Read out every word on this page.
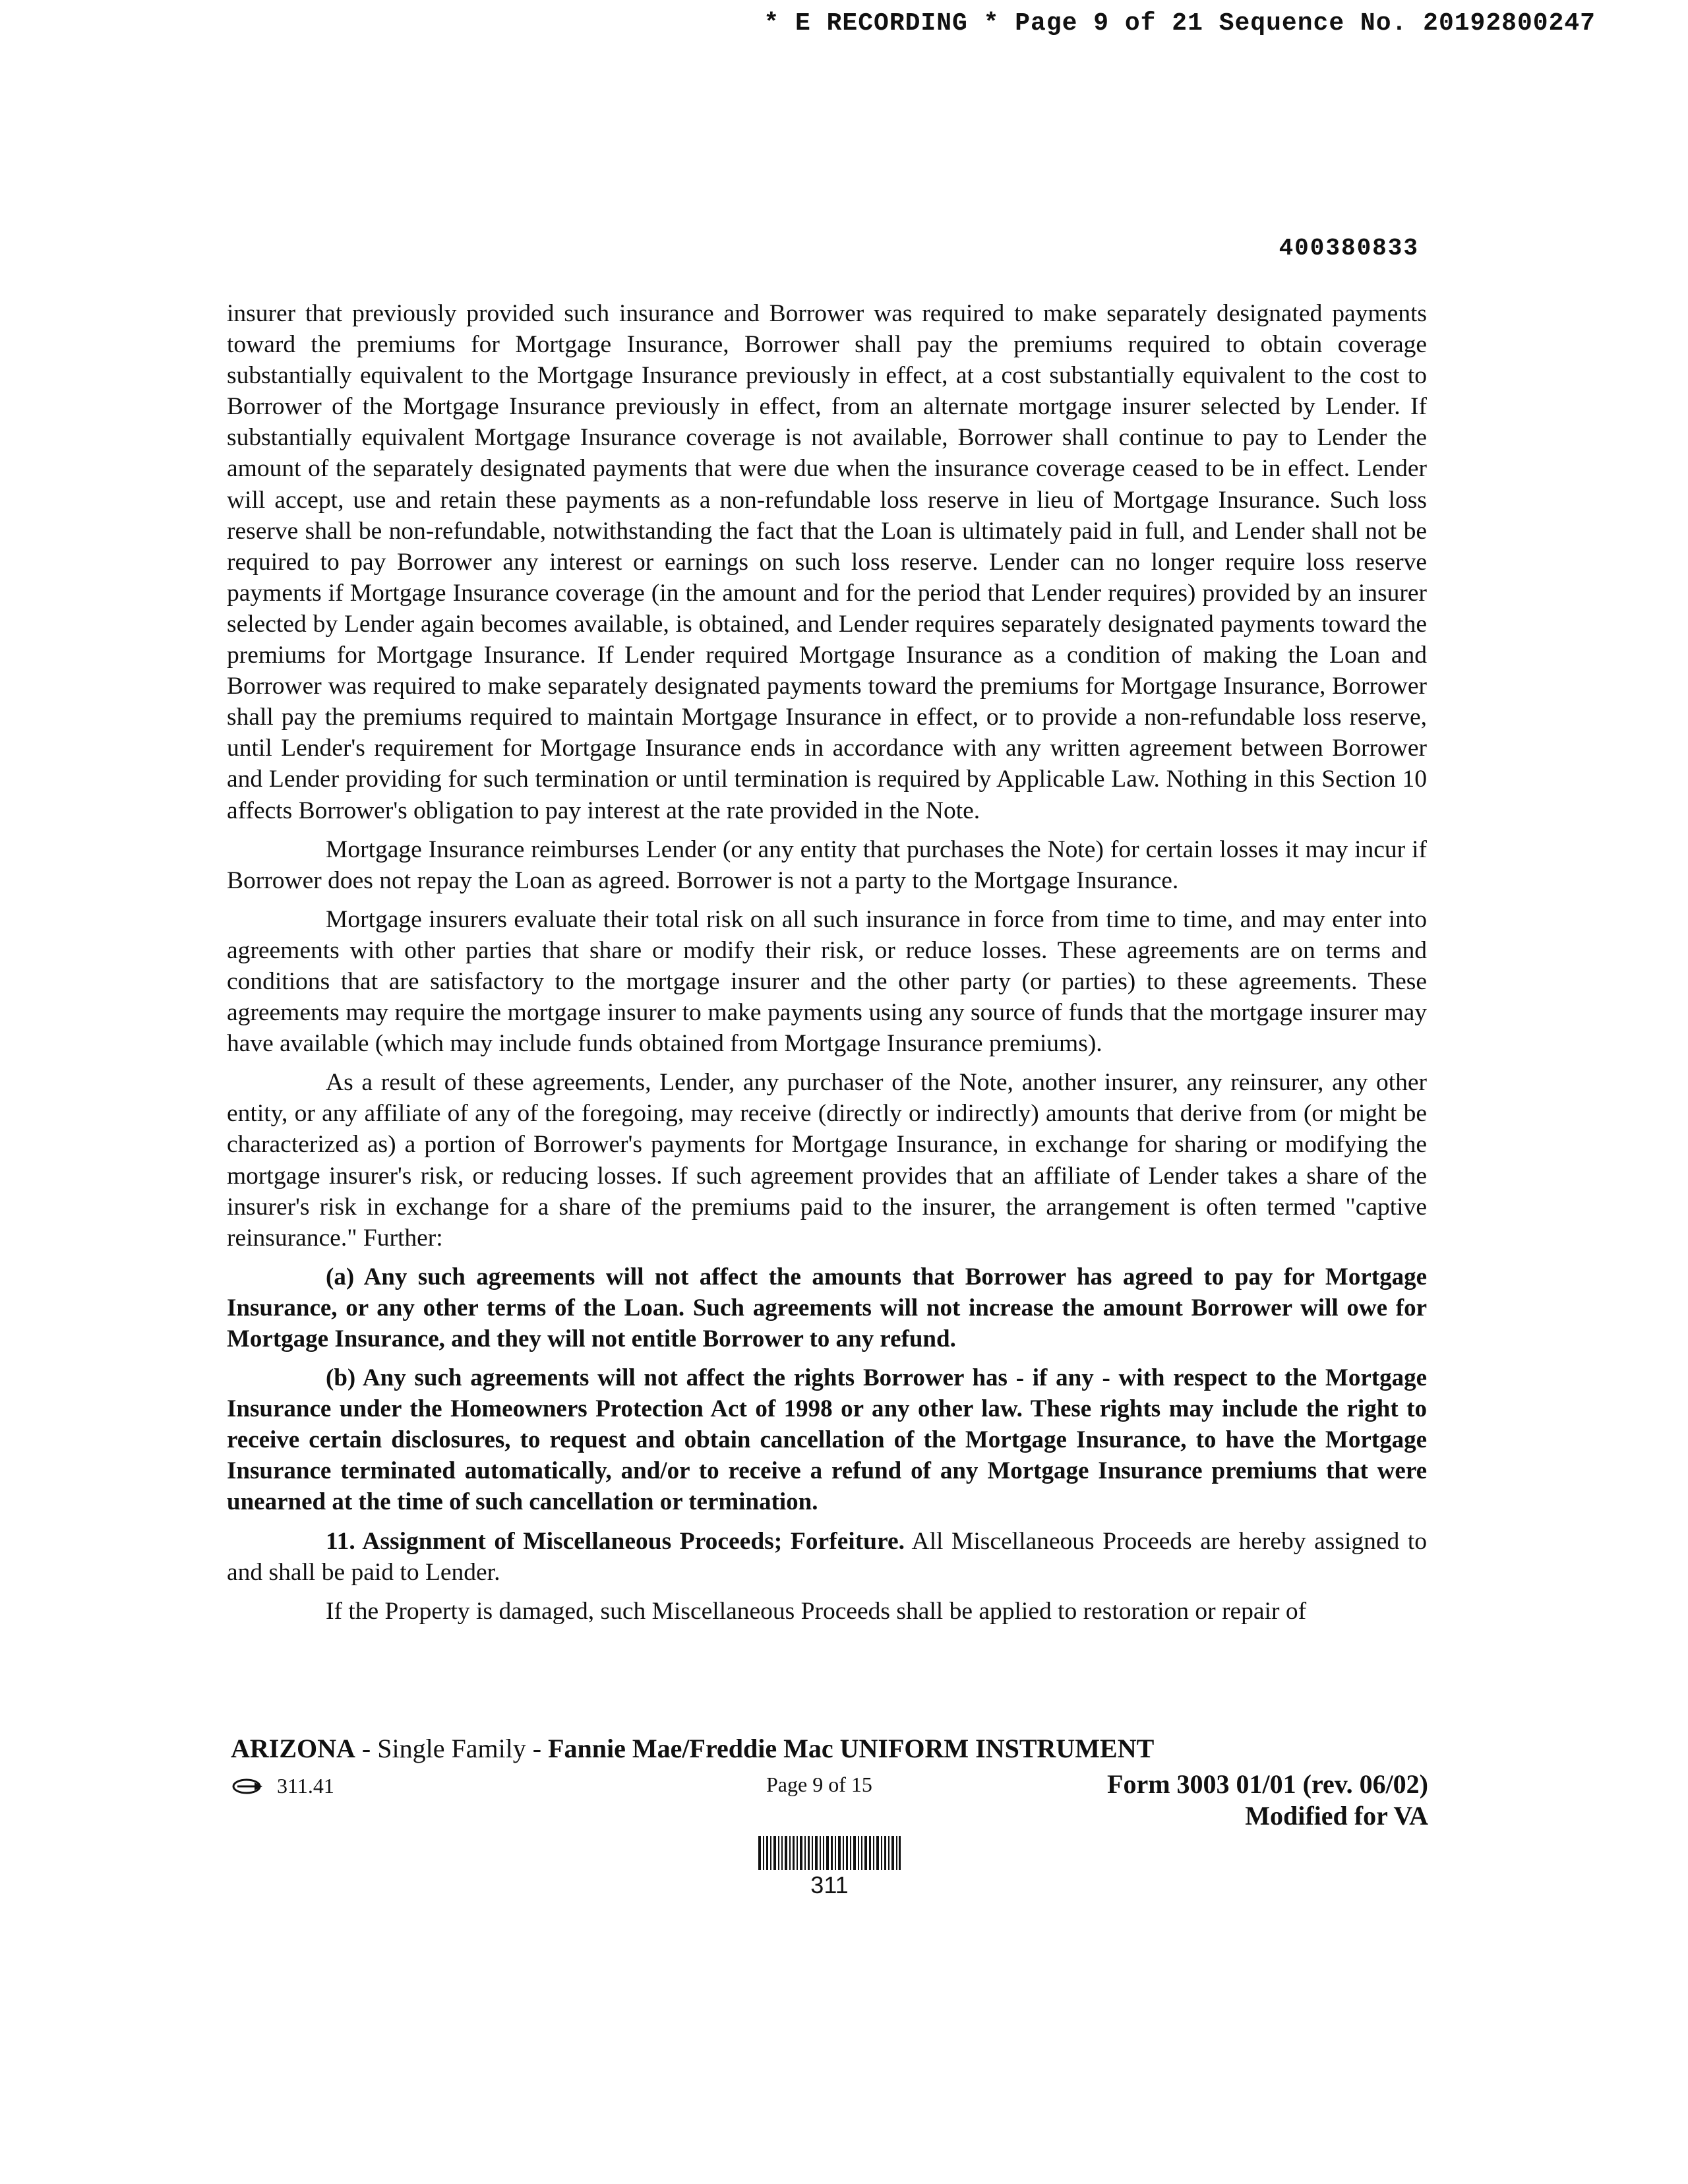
* E RECORDING * Page 9 of 21 Sequence No. 20192800247
400380833

insurer that previously provided such insurance and Borrower was required to make separately designated payments toward the premiums for Mortgage Insurance, Borrower shall pay the premiums required to obtain coverage substantially equivalent to the Mortgage Insurance previously in effect, at a cost substantially equivalent to the cost to Borrower of the Mortgage Insurance previously in effect, from an alternate mortgage insurer selected by Lender. If substantially equivalent Mortgage Insurance coverage is not available, Borrower shall continue to pay to Lender the amount of the separately designated payments that were due when the insurance coverage ceased to be in effect. Lender will accept, use and retain these payments as a non-refundable loss reserve in lieu of Mortgage Insurance. Such loss reserve shall be non-refundable, notwithstanding the fact that the Loan is ultimately paid in full, and Lender shall not be required to pay Borrower any interest or earnings on such loss reserve. Lender can no longer require loss reserve payments if Mortgage Insurance coverage (in the amount and for the period that Lender requires) provided by an insurer selected by Lender again becomes available, is obtained, and Lender requires separately designated payments toward the premiums for Mortgage Insurance. If Lender required Mortgage Insurance as a condition of making the Loan and Borrower was required to make separately designated payments toward the premiums for Mortgage Insurance, Borrower shall pay the premiums required to maintain Mortgage Insurance in effect, or to provide a non-refundable loss reserve, until Lender's requirement for Mortgage Insurance ends in accordance with any written agreement between Borrower and Lender providing for such termination or until termination is required by Applicable Law. Nothing in this Section 10 affects Borrower's obligation to pay interest at the rate provided in the Note.

Mortgage Insurance reimburses Lender (or any entity that purchases the Note) for certain losses it may incur if Borrower does not repay the Loan as agreed. Borrower is not a party to the Mortgage Insurance.

Mortgage insurers evaluate their total risk on all such insurance in force from time to time, and may enter into agreements with other parties that share or modify their risk, or reduce losses. These agreements are on terms and conditions that are satisfactory to the mortgage insurer and the other party (or parties) to these agreements. These agreements may require the mortgage insurer to make payments using any source of funds that the mortgage insurer may have available (which may include funds obtained from Mortgage Insurance premiums).

As a result of these agreements, Lender, any purchaser of the Note, another insurer, any reinsurer, any other entity, or any affiliate of any of the foregoing, may receive (directly or indirectly) amounts that derive from (or might be characterized as) a portion of Borrower's payments for Mortgage Insurance, in exchange for sharing or modifying the mortgage insurer's risk, or reducing losses. If such agreement provides that an affiliate of Lender takes a share of the insurer's risk in exchange for a share of the premiums paid to the insurer, the arrangement is often termed "captive reinsurance." Further:

(a) Any such agreements will not affect the amounts that Borrower has agreed to pay for Mortgage Insurance, or any other terms of the Loan. Such agreements will not increase the amount Borrower will owe for Mortgage Insurance, and they will not entitle Borrower to any refund.

(b) Any such agreements will not affect the rights Borrower has - if any - with respect to the Mortgage Insurance under the Homeowners Protection Act of 1998 or any other law. These rights may include the right to receive certain disclosures, to request and obtain cancellation of the Mortgage Insurance, to have the Mortgage Insurance terminated automatically, and/or to receive a refund of any Mortgage Insurance premiums that were unearned at the time of such cancellation or termination.

11. Assignment of Miscellaneous Proceeds; Forfeiture. All Miscellaneous Proceeds are hereby assigned to and shall be paid to Lender.

If the Property is damaged, such Miscellaneous Proceeds shall be applied to restoration or repair of

ARIZONA - Single Family - Fannie Mae/Freddie Mac UNIFORM INSTRUMENT
311.41	Page 9 of 15	Form 3003 01/01 (rev. 06/02)
Modified for VA
311
